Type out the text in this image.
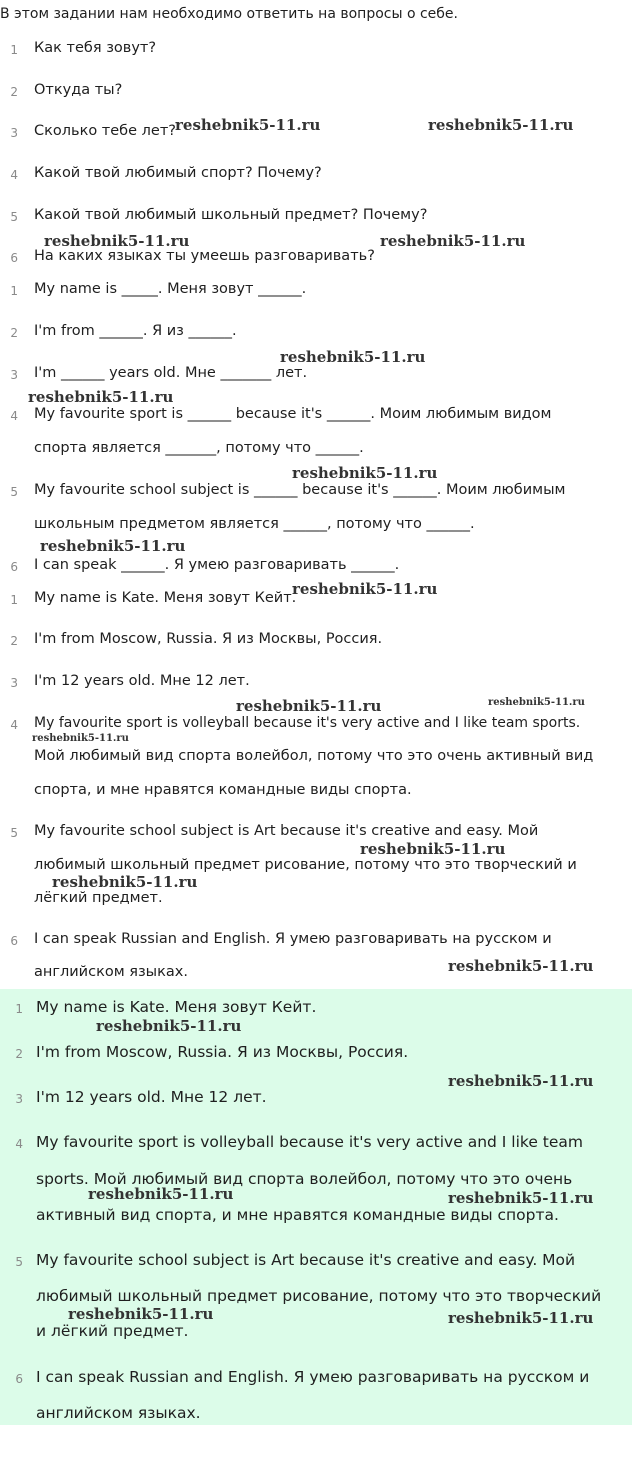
В этом задании нам необходимо ответить на вопросы о себе.
1 Как тебя зовут?
2 Откуда ты?
3 Сколько тебе лет?
4 Какой твой любимый спорт? Почему?
5 Какой твой любимый школьный предмет? Почему?
6 На каких языках ты умеешь разговаривать?
1 My name is _____. Меня зовут ______.
2 I'm from ______. Я из ______.
3 I'm ______ years old. Мне _______ лет.
4 My favourite sport is ______ because it's ______. Моим любимым видом
спорта является _______, потому что ______.
5 My favourite school subject is ______ because it's ______. Моим любимым
школьным предметом является ______, потому что ______.
6 I can speak ______. Я умею разговаривать ______.
1 My name is Kate. Меня зовут Кейт.
2 I'm from Moscow, Russia. Я из Москвы, Россия.
3 I'm 12 years old. Мне 12 лет.
4 My favourite sport is volleyball because it's very active and I like team sports.
Мой любимый вид спорта волейбол, потому что это очень активный вид
спорта, и мне нравятся командные виды спорта.
5 My favourite school subject is Art because it's creative and easy. Мой
любимый школьный предмет рисование, потому что это творческий и
лёгкий предмет.
6 I can speak Russian and English. Я умею разговаривать на русском и
английском языках.
1 My name is Kate. Меня зовут Кейт.
2 I'm from Moscow, Russia. Я из Москвы, Россия.
3 I'm 12 years old. Мне 12 лет.
4 My favourite sport is volleyball because it's very active and I like team
sports. Мой любимый вид спорта волейбол, потому что это очень
активный вид спорта, и мне нравятся командные виды спорта.
5 My favourite school subject is Art because it's creative and easy. Мой
любимый школьный предмет рисование, потому что это творческий
и лёгкий предмет.
6 I can speak Russian and English. Я умею разговаривать на русском и
английском языках.
reshebnik5-11.ru	reshebnik5-11.ru
reshebnik5-11.ru	reshebnik5-11.ru
reshebnik5-11.ru
reshebnik5-11.ru
reshebnik5-11.ru
reshebnik5-11.ru
reshebnik5-11.ru
reshebnik5-11.ru	reshebnik5-11.ru
reshebnik5-11.ru
reshebnik5-11.ru
reshebnik5-11.ru
reshebnik5-11.ru
reshebnik5-11.ru
reshebnik5-11.ru
reshebnik5-11.ru	reshebnik5-11.ru
reshebnik5-11.ru	reshebnik5-11.ru
